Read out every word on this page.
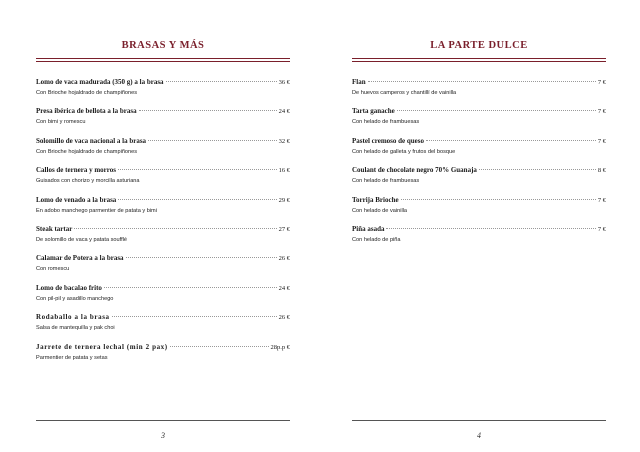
BRASAS Y MÁS
Lomo de vaca madurada (350 g) a la brasa	36 €
Con Brioche hojaldrado de champiñones
Presa ibérica de bellota a la brasa	24 €
Con bimi y romescu
Solomillo de vaca nacional a la brasa	32 €
Con Brioche hojaldrado de champiñones
Callos de ternera y morros	16 €
Guisados con chorizo y morcilla asturiana
Lomo de venado a la brasa	29 €
En adobo manchego parmentier de patata y bimi
Steak tartar	27 €
De solomillo de vaca y patata soufflé
Calamar de Potera a la brasa	26 €
Con romescu
Lomo de bacalao frito	24 €
Con pil-pil y asadillo manchego
Rodaballo a la brasa	26 €
Salsa de mantequilla y pak choi
Jarrete de ternera lechal (min 2 pax)	28p.p €
Parmentier de patata y setas
3
LA PARTE DULCE
Flan	7 €
De huevos camperos y chantillí de vainilla
Tarta ganache	7 €
Con helado de frambuesas
Pastel cremoso de queso	7 €
Con helado de galleta y frutos del bosque
Coulant de chocolate negro 70% Guanaja	8 €
Con helado de frambuesas
Torrija Brioche	7 €
Con helado de vainilla
Piña asada	7 €
Con helado de piña
4
